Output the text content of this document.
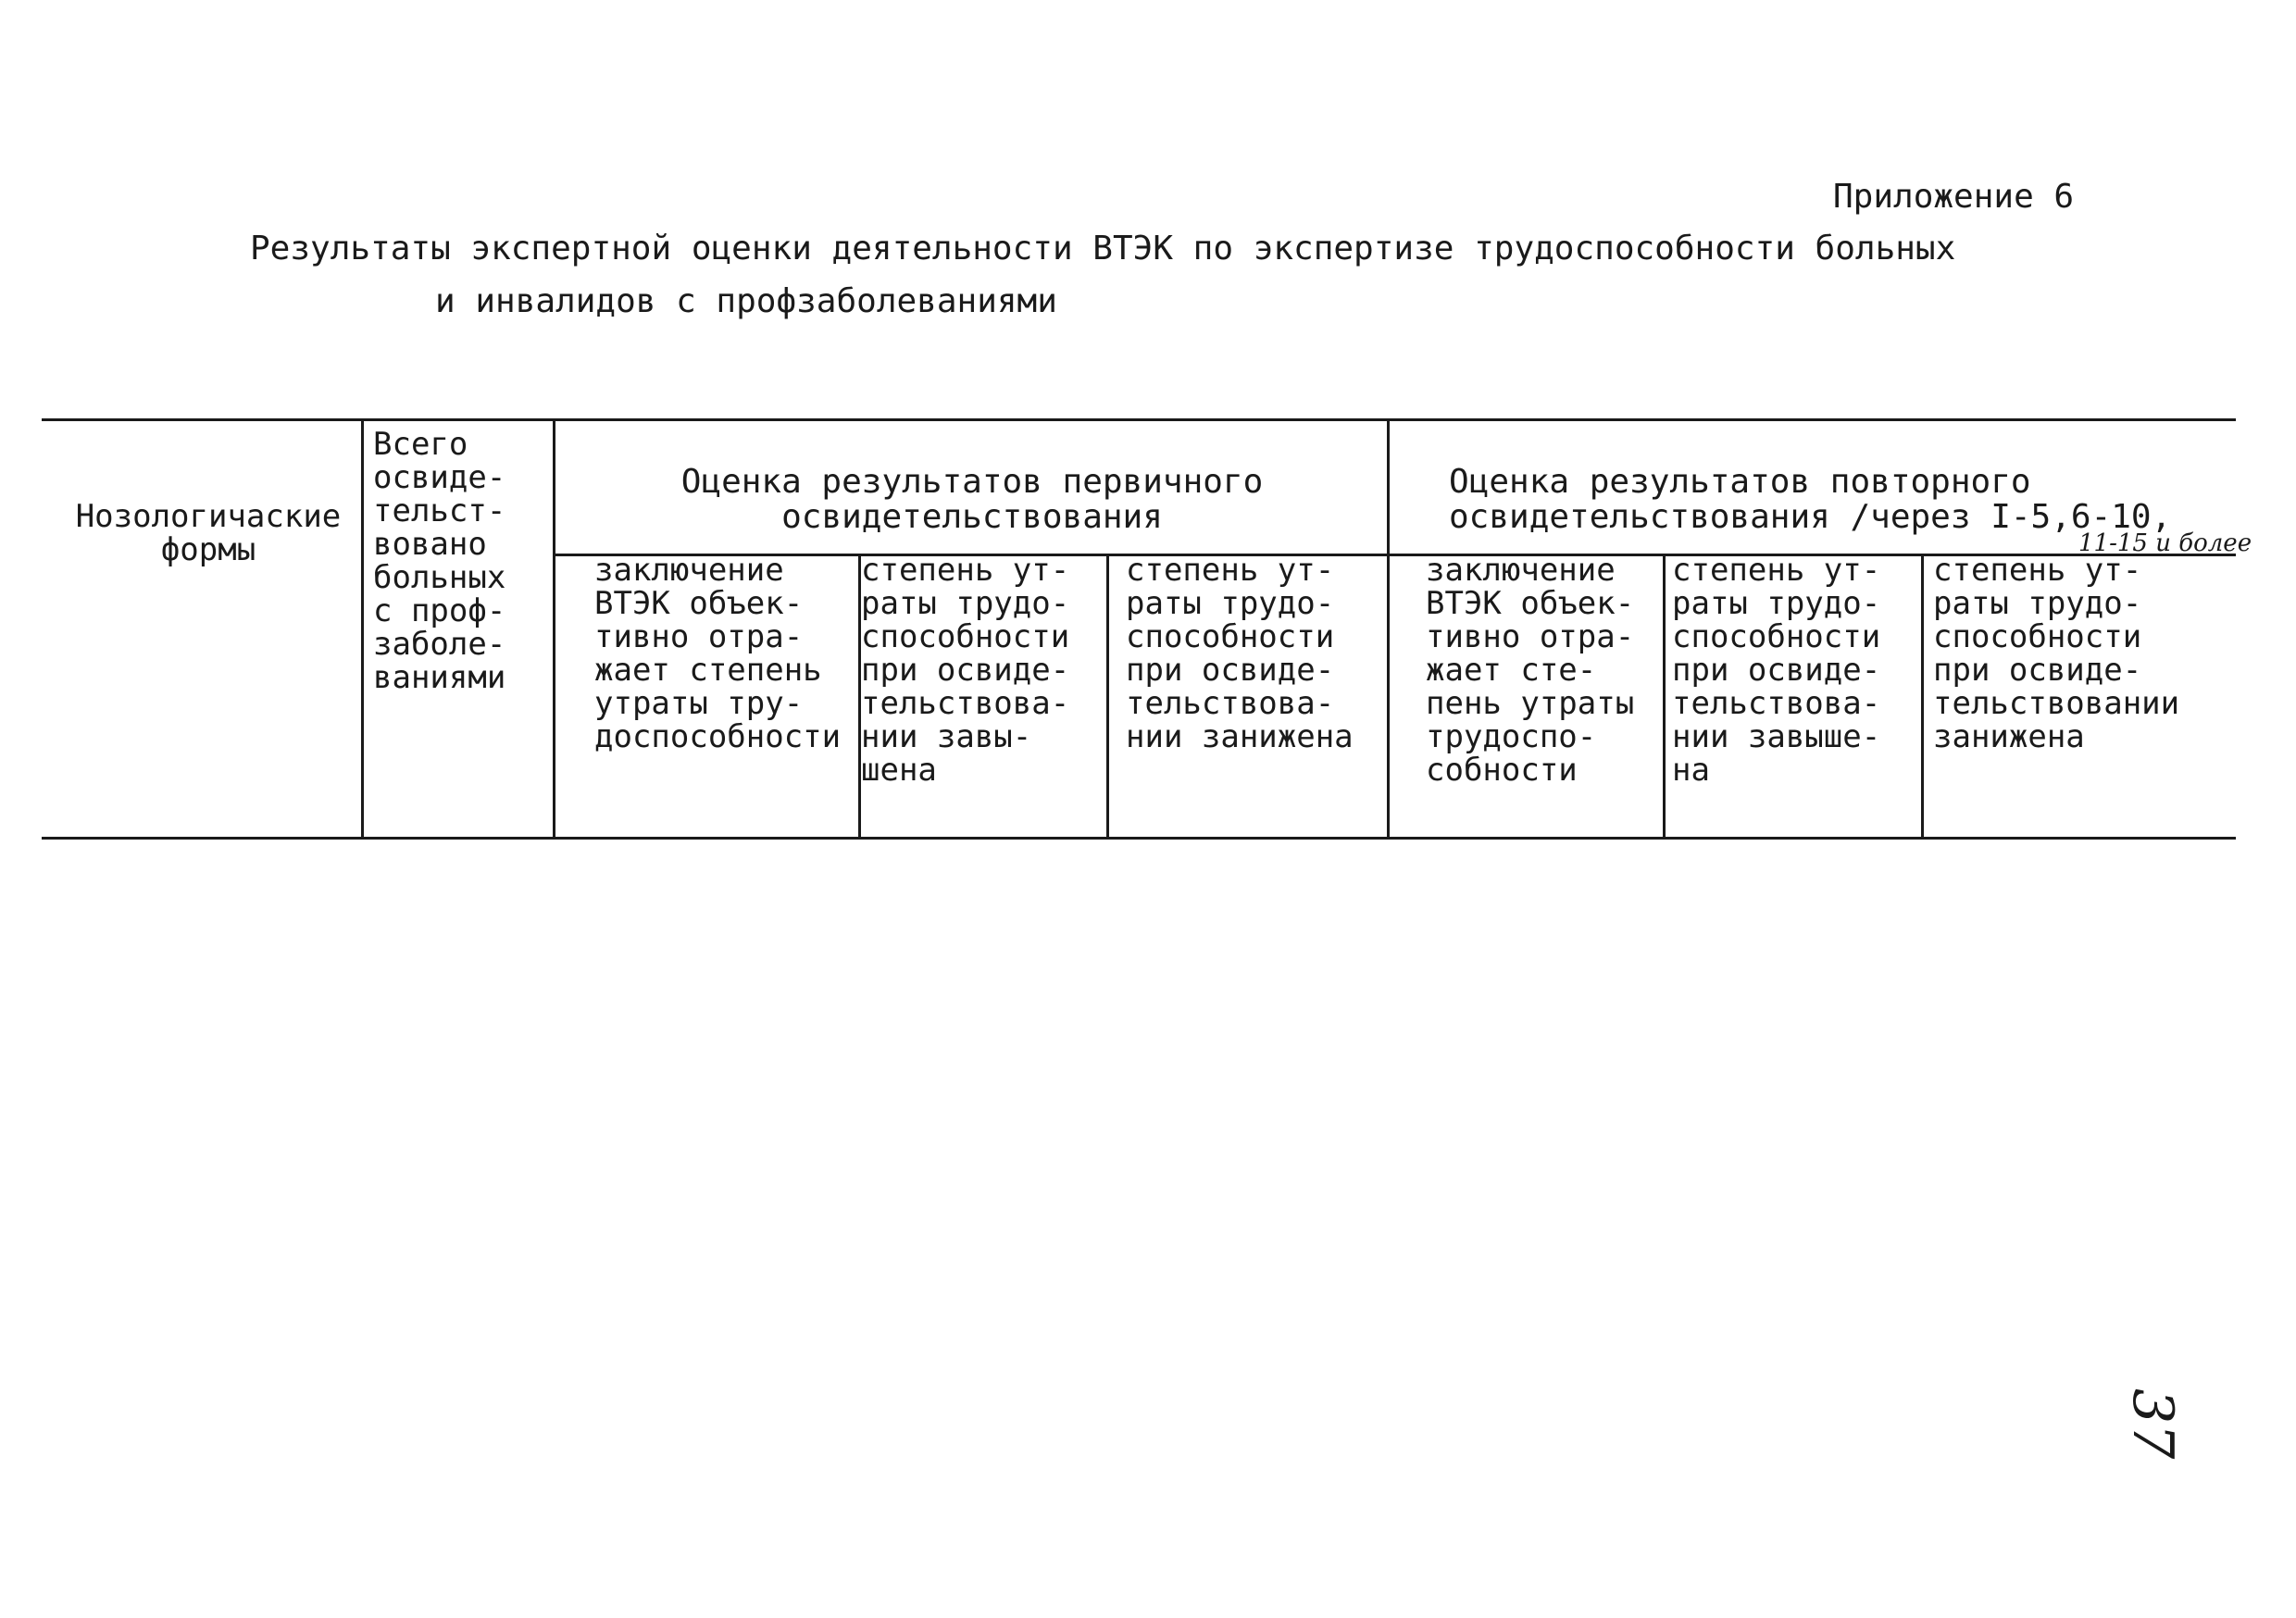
Приложение 6
Результаты экспертной оценки деятельности ВТЭК по экспертизе трудоспособности больных
и инвалидов с профзаболеваниями
Нозологичаские
формы
Всего
освиде-
тельст-
вовано
больных
с проф-
заболе-
ваниями
Оценка результатов первичного
освидетельствования
Оценка результатов повторного
освидетельствования /через I-5,6-10,
11-15 и более
заключение
ВТЭК объек-
тивно отра-
жает степень
утраты тру-
доспособности
степень ут-
раты трудо-
способности
при освиде-
тельствова-
нии завы-
шена
степень ут-
раты трудо-
способности
при освиде-
тельствова-
нии занижена
заключение
ВТЭК объек-
тивно отра-
жает сте-
пень утраты
трудоспо-
собности
степень ут-
раты трудо-
способности
при освиде-
тельствова-
нии завыше-
на
степень ут-
раты трудо-
способности
при освиде-
тельствовании
занижена
37
